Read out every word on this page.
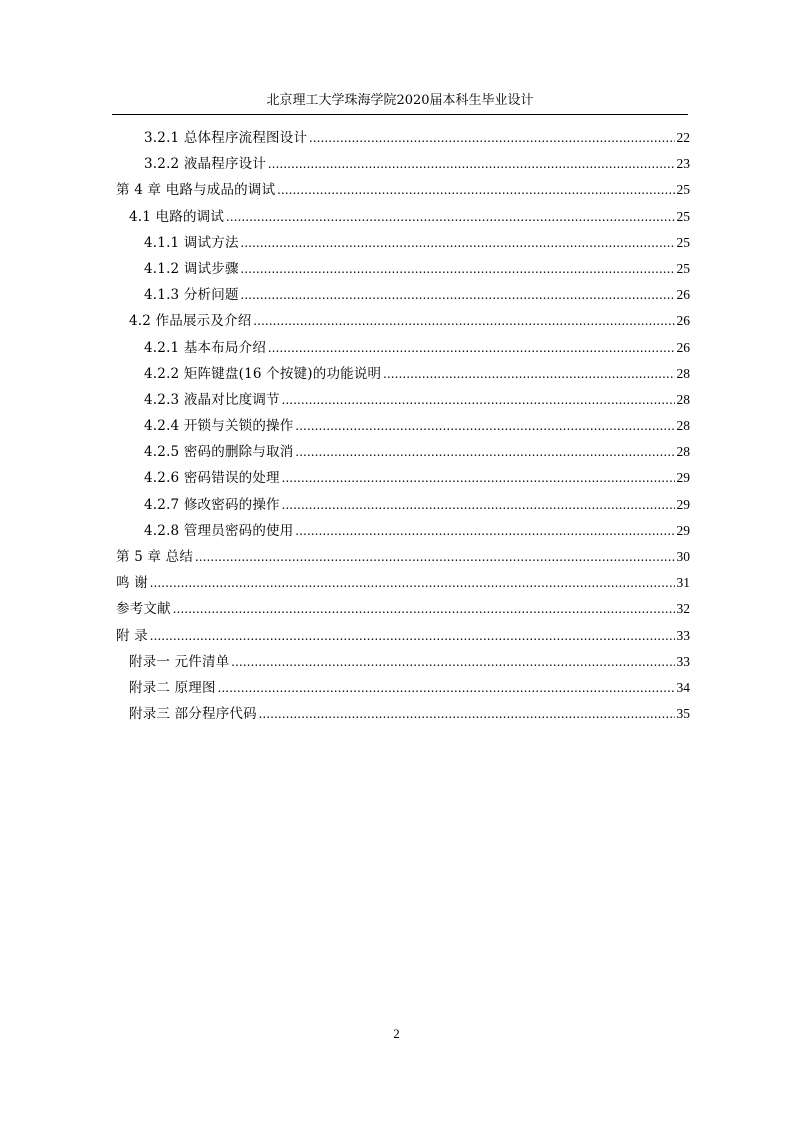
北京理工大学珠海学院2020届本科生毕业设计
3.2.1 总体程序流程图设计 .....	22
3.2.2 液晶程序设计 .....	23
第 4 章 电路与成品的调试 .....	25
4.1 电路的调试 .....	25
4.1.1 调试方法 .....	25
4.1.2 调试步骤 .....	25
4.1.3 分析问题 .....	26
4.2 作品展示及介绍 .....	26
4.2.1 基本布局介绍 .....	26
4.2.2 矩阵键盘(16 个按键)的功能说明 .....	28
4.2.3 液晶对比度调节 .....	28
4.2.4 开锁与关锁的操作 .....	28
4.2.5 密码的删除与取消 .....	28
4.2.6 密码错误的处理 .....	29
4.2.7 修改密码的操作 .....	29
4.2.8 管理员密码的使用 .....	29
第 5 章 总结 .....	30
鸣 谢 .....	31
参考文献 .....	32
附 录 .....	33
附录一 元件清单 .....	33
附录二 原理图 .....	34
附录三 部分程序代码 .....	35
2
